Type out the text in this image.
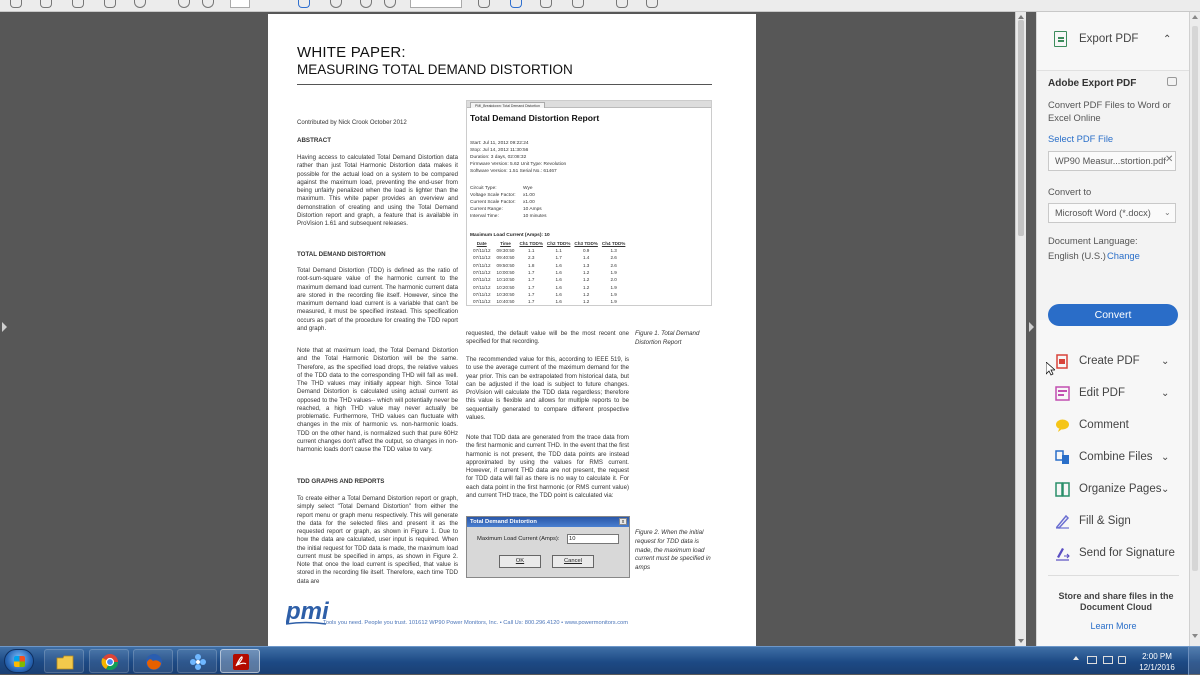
WHITE PAPER:
MEASURING TOTAL DEMAND DISTORTION
Contributed by Nick Crook October 2012
ABSTRACT
Having access to calculated Total Demand Distortion data rather than just Total Harmonic Distortion data makes it possible for the actual load on a system to be compared against the maximum load, preventing the end-user from being unfairly penalized when the load is lighter than the maximum. This white paper provides an overview and demonstration of creating and using the Total Demand Distortion report and graph, a feature that is available in ProVision 1.61 and subsequent releases.
TOTAL DEMAND DISTORTION
Total Demand Distortion (TDD) is defined as the ratio of root-sum-square value of the harmonic current to the maximum demand load current. The harmonic current data are stored in the recording file itself. However, since the maximum demand load current is a variable that can't be measured, it must be specified instead. This specification occurs as part of the procedure for creating the TDD report and graph.
Note that at maximum load, the Total Demand Distortion and the Total Harmonic Distortion will be the same. Therefore, as the specified load drops, the relative values of the TDD data to the corresponding THD will fall as well. The THD values may initially appear high. Since Total Demand Distortion is calculated using actual current as opposed to the THD values-- which will potentially never be reached, a high THD value may never actually be problematic. Furthermore, THD values can fluctuate with changes in the mix of harmonic vs. non-harmonic loads. TDD on the other hand, is normalized such that pure 60Hz current changes don't affect the output, so changes in non-harmonic loads don't cause the TDD value to vary.
TDD GRAPHS AND REPORTS
To create either a Total Demand Distortion report or graph, simply select "Total Demand Distortion" from either the report menu or graph menu respectively. This will generate the data for the selected files and present it as the requested report or graph, as shown in Figure 1. Due to how the data are calculated, user input is required. When the initial request for TDD data is made, the maximum load current must be specified in amps, as shown in Figure 2. Note that once the load current is specified, that value is stored in the recording file itself. Therefore, each time TDD data are
PMI_Breakdown: Total Demand Distortion
Total Demand Distortion Report
Start: Jul 11, 2012 09:22:24
Stop: Jul 14, 2012 11:30:56
Duration: 3 days, 02:08:32
Firmware Version: 5.62 Unit Type: Revolution
Software Version: 1.51 Serial No.: 61467
Circuit Type:	Wye
Voltage Scale Factor: x1.00
Current Scale Factor: x1.00
Current Range:	10 Amps
Interval Time:	10 minutes
Maximum Load Current (Amps): 10
Date	Time	Ch1 TDD%	Ch2 TDD%	Ch3 TDD%	Ch4 TDD%
07/11/12	09:30:50	1.1	1.1	0.9	1.3
07/11/12	09:40:50	2.3	1.7	1.4	2.6
07/11/12	09:50:50	1.8	1.6	1.3	2.6
07/11/12	10:00:50	1.7	1.6	1.2	1.9
07/11/12	10:10:50	1.7	1.6	1.2	2.0
07/11/12	10:20:50	1.7	1.6	1.2	1.9
07/11/12	10:30:50	1.7	1.6	1.2	1.9
07/11/12	10:40:50	1.7	1.6	1.2	1.9
requested, the default value will be the most recent one specified for that recording.
Figure 1. Total Demand Distortion Report
The recommended value for this, according to IEEE 519, is to use the average current of the maximum demand for the year prior. This can be extrapolated from historical data, but can be adjusted if the load is subject to future changes. ProVision will calculate the TDD data regardless; therefore this value is flexible and allows for multiple reports to be sequentially generated to compare different prospective values.
Note that TDD data are generated from the trace data from the first harmonic and current THD. In the event that the first harmonic is not present, the TDD data points are instead approximated by using the values for RMS current. However, if current THD data are not present, the request for TDD data will fail as there is no way to calculate it. For each data point in the first harmonic (or RMS current value) and current THD trace, the TDD point is calculated via:
Total Demand Distortion	x
Maximum Load Current (Amps):	10
OK	Cancel
Figure 2. When the initial request for TDD data is made, the maximum load current must be specified in amps
pmi
Tools you need. People you trust. 101612 WP90 Power Monitors, Inc. • Call Us: 800.296.4120 • www.powermonitors.com
Export PDF ⌃
Adobe Export PDF
Convert PDF Files to Word or Excel Online
Select PDF File
WP90 Measur...stortion.pdf ✕
Convert to
Microsoft Word (*.docx)	⌄
Document Language:
English (U.S.) Change
Convert
Create PDF ⌄
Edit PDF	⌄
Comment
Combine Files ⌄
Organize Pages ⌄
Fill & Sign
Send for Signature
Store and share files in the Document Cloud
Learn More
2:00 PM
12/1/2016
